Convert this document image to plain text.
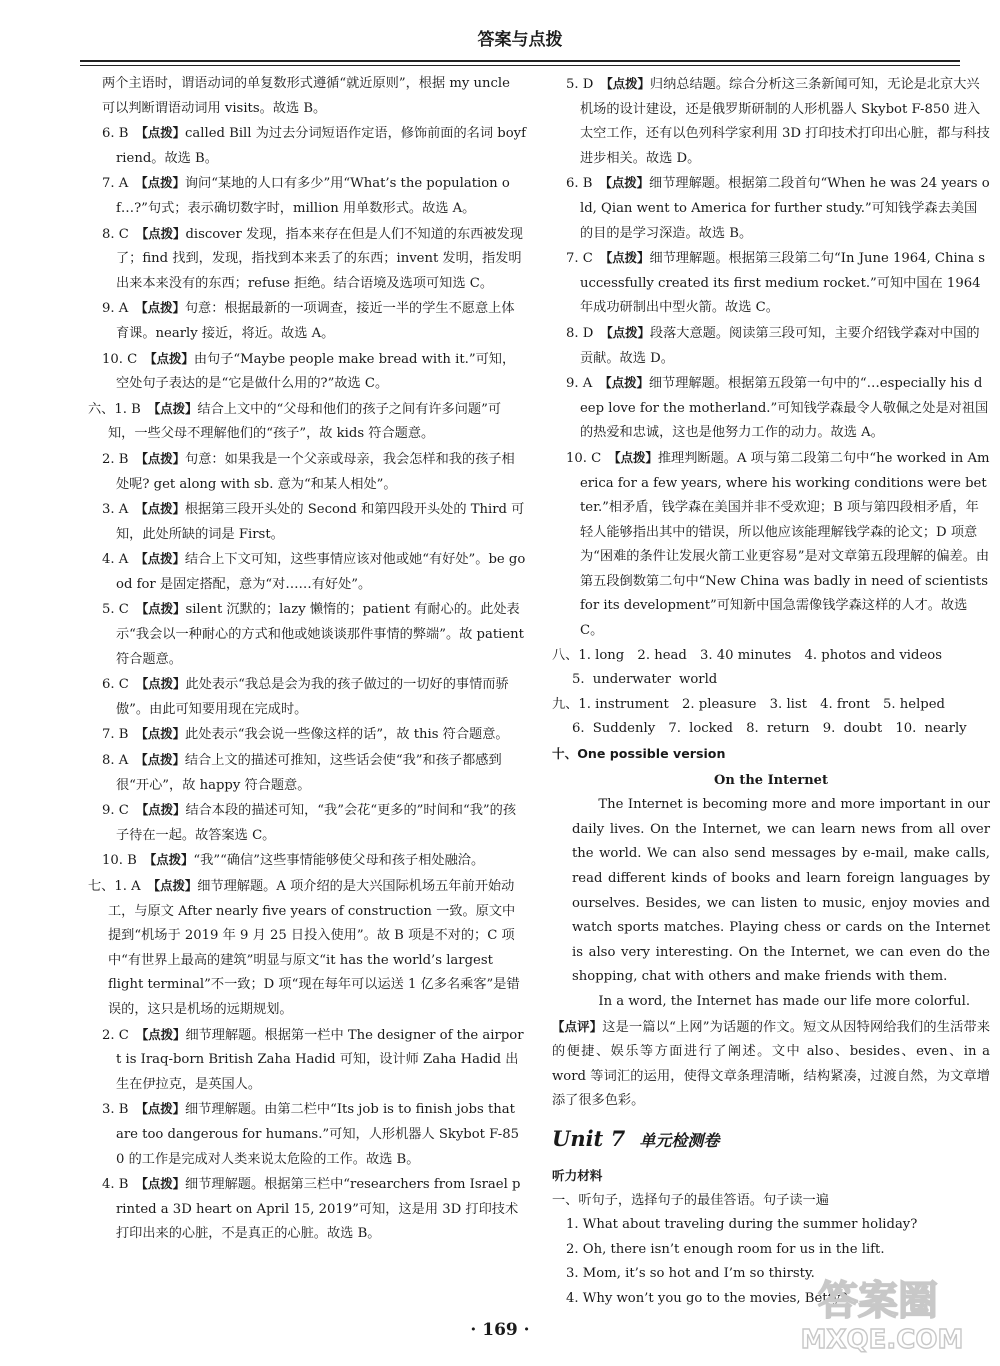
答案与点拨

两个主语时，谓语动词的单复数形式遵循“就近原则”，根据 my uncle 可以判断谓语动词用 visits。故选 B。

6. B　 【点拨】called Bill 为过去分词短语作定语，修饰前面的名词 boyfriend。故选 B。

7. A　 【点拨】询问“某地的人口有多少”用“What’s the population of…?”句式；表示确切数字时，million 用单数形式。故选 A。

8. C　 【点拨】discover 发现，指本来存在但是人们不知道的东西被发现了；find 找到，发现，指找到本来丢了的东西；invent 发明，指发明出来本来没有的东西；refuse 拒绝。结合语境及选项可知选 C。

9. A　 【点拨】句意：根据最新的一项调查，接近一半的学生不愿意上体育课。nearly 接近，将近。故选 A。

10. C　 【点拨】由句子“Maybe people make bread with it.”可知，空处句子表达的是“它是做什么用的?”故选 C。

六、1. B　 【点拨】结合上文中的“父母和他们的孩子之间有许多问题”可知，一些父母不理解他们的“孩子”，故 kids 符合题意。

2. B　 【点拨】句意：如果我是一个父亲或母亲，我会怎样和我的孩子相处呢? get along with sb. 意为“和某人相处”。

3. A　 【点拨】根据第三段开头处的 Second 和第四段开头处的 Third 可知，此处所缺的词是 First。

4. A　 【点拨】结合上下文可知，这些事情应该对他或她“有好处”。be good for 是固定搭配，意为“对……有好处”。

5. C　 【点拨】silent 沉默的；lazy 懒惰的；patient 有耐心的。此处表示“我会以一种耐心的方式和他或她谈谈那件事情的弊端”。故 patient 符合题意。

6. C　 【点拨】此处表示“我总是会为我的孩子做过的一切好的事情而骄傲”。由此可知要用现在完成时。

7. B　 【点拨】此处表示“我会说一些像这样的话”，故 this 符合题意。

8. A　 【点拨】结合上文的描述可推知，这些话会使“我”和孩子都感到很“开心”，故 happy 符合题意。

9. C　 【点拨】结合本段的描述可知，“我”会花“更多的”时间和“我”的孩子待在一起。故答案选 C。

10. B　 【点拨】“我”“确信”这些事情能够使父母和孩子相处融洽。

七、1. A　 【点拨】细节理解题。A 项介绍的是大兴国际机场五年前开始动工，与原文 After nearly five years of construction 一致。原文中提到“机场于 2019 年 9 月 25 日投入使用”。故 B 项是不对的；C 项中“有世界上最高的建筑”明显与原文“it has the world’s largest flight terminal”不一致；D 项“现在每年可以运送 1 亿多名乘客”是错误的，这只是机场的远期规划。

2. C　 【点拨】细节理解题。根据第一栏中 The designer of the airport is Iraq-born British Zaha Hadid 可知，设计师 Zaha Hadid 出生在伊拉克，是英国人。

3. B　 【点拨】细节理解题。由第二栏中“Its job is to finish jobs that are too dangerous for humans.”可知，人形机器人 Skybot F-850 的工作是完成对人类来说太危险的工作。故选 B。

4. B　 【点拨】细节理解题。根据第三栏中“researchers from Israel printed a 3D heart on April 15, 2019”可知，这是用 3D 打印技术打印出来的心脏，不是真正的心脏。故选 B。

5. D　 【点拨】归纳总结题。综合分析这三条新闻可知，无论是北京大兴机场的设计建设，还是俄罗斯研制的人形机器人 Skybot F-850 进入太空工作，还有以色列科学家利用 3D 打印技术打印出心脏，都与科技进步相关。故选 D。

6. B　 【点拨】细节理解题。根据第二段首句“When he was 24 years old, Qian went to America for further study.”可知钱学森去美国的目的是学习深造。故选 B。

7. C　 【点拨】细节理解题。根据第三段第二句“In June 1964, China successfully created its first medium rocket.”可知中国在 1964 年成功研制出中型火箭。故选 C。

8. D　 【点拨】段落大意题。阅读第三段可知，主要介绍钱学森对中国的贡献。故选 D。

9. A　 【点拨】细节理解题。根据第五段第一句中的“…especially his deep love for the motherland.”可知钱学森最令人敬佩之处是对祖国的热爱和忠诚，这也是他努力工作的动力。故选 A。

10. C　 【点拨】推理判断题。A 项与第二段第二句中“he worked in America for a few years, where his working conditions were better.”相矛盾，钱学森在美国并非不受欢迎；B 项与第四段相矛盾，年轻人能够指出其中的错误，所以他应该能理解钱学森的论文；D 项意为“困难的条件让发展火箭工业更容易”是对文章第五段理解的偏差。由第五段倒数第二句中“New China was badly in need of scientists for its development”可知新中国急需像钱学森这样的人才。故选 C。

八、1. long　2. head　3. 40 minutes　4. photos and videos

5. underwater world

九、1. instrument　2. pleasure　3. list　4. front　5. helped

6. Suddenly　7. locked　8. return　9. doubt　10. nearly

十、One possible version

On the Internet

The Internet is becoming more and more important in our daily lives. On the Internet, we can learn news from all over the world. We can also send messages by e-mail, make calls, read different kinds of books and learn foreign languages by ourselves. Besides, we can listen to music, enjoy movies and watch sports matches. Playing chess or cards on the Internet is also very interesting. On the Internet, we can even do the shopping, chat with others and make friends with them.

In a word, the Internet has made our life more colorful.

【点评】这是一篇以“上网”为话题的作文。短文从因特网给我们的生活带来的便捷、娱乐等方面进行了阐述。文中 also、besides、even、in a word 等词汇的运用，使得文章条理清晰，结构紧凑，过渡自然，为文章增添了很多色彩。

Unit 7 单元检测卷

听力材料

一、听句子，选择句子的最佳答语。句子读一遍

1. What about traveling during the summer holiday?

2. Oh, there isn’t enough room for us in the lift.

3. Mom, it’s so hot and I’m so thirsty.

4. Why won’t you go to the movies, Betty?

· 169 ·
答案圈
MXQE.COM
